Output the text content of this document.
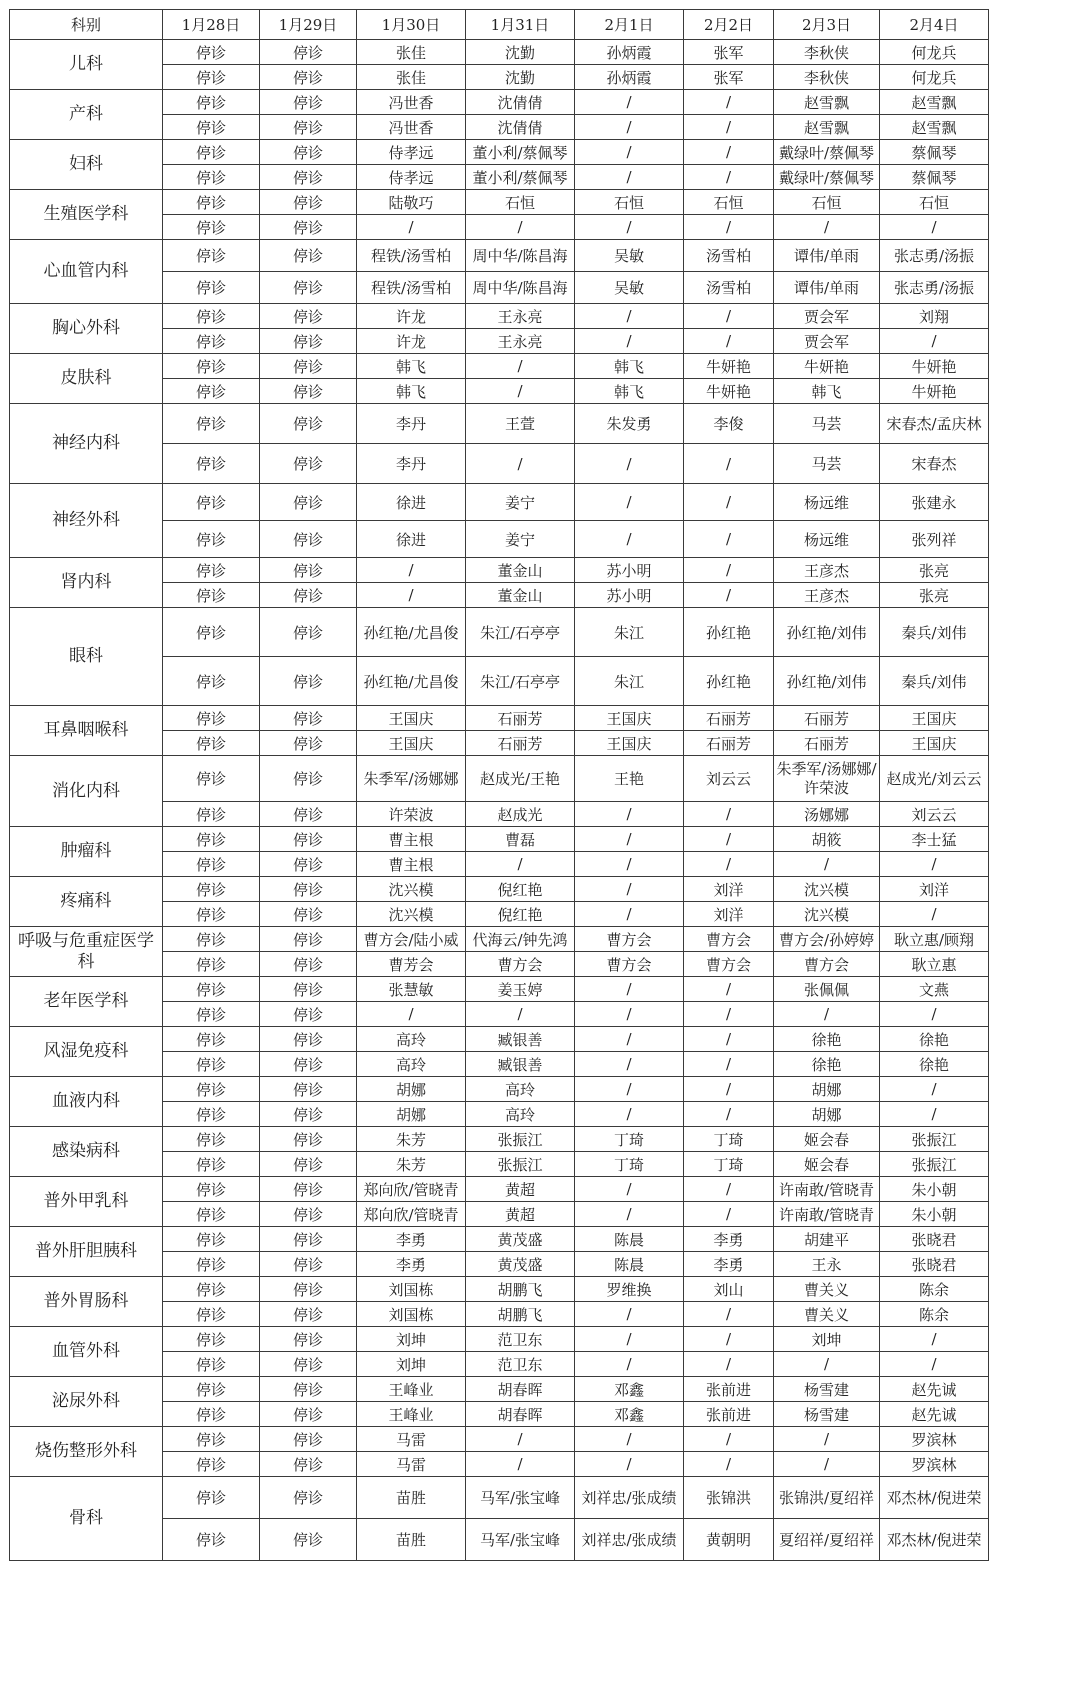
科别	1月28日	1月29日	1月30日	1月31日	2月1日	2月2日	2月3日	2月4日
儿科	停诊	停诊	张佳	沈勤	孙炳霞	张军	李秋侠	何龙兵
	停诊	停诊	张佳	沈勤	孙炳霞	张军	李秋侠	何龙兵
产科	停诊	停诊	冯世香	沈倩倩	/	/	赵雪飘	赵雪飘
	停诊	停诊	冯世香	沈倩倩	/	/	赵雪飘	赵雪飘
妇科	停诊	停诊	侍孝远	董小利/蔡佩琴	/	/	戴绿叶/蔡佩琴	蔡佩琴
	停诊	停诊	侍孝远	董小利/蔡佩琴	/	/	戴绿叶/蔡佩琴	蔡佩琴
生殖医学科	停诊	停诊	陆敬巧	石恒	石恒	石恒	石恒	石恒
	停诊	停诊	/	/	/	/	/	/
心血管内科	停诊	停诊	程铁/汤雪柏	周中华/陈昌海	吴敏	汤雪柏	谭伟/单雨	张志勇/汤振
	停诊	停诊	程铁/汤雪柏	周中华/陈昌海	吴敏	汤雪柏	谭伟/单雨	张志勇/汤振
胸心外科	停诊	停诊	许龙	王永亮	/	/	贾会军	刘翔
	停诊	停诊	许龙	王永亮	/	/	贾会军	/
皮肤科	停诊	停诊	韩飞	/	韩飞	牛妍艳	牛妍艳	牛妍艳
	停诊	停诊	韩飞	/	韩飞	牛妍艳	韩飞	牛妍艳
神经内科	停诊	停诊	李丹	王萱	朱发勇	李俊	马芸	宋春杰/孟庆林
	停诊	停诊	李丹	/	/	/	马芸	宋春杰
神经外科	停诊	停诊	徐进	姜宁	/	/	杨远维	张建永
	停诊	停诊	徐进	姜宁	/	/	杨远维	张列祥
肾内科	停诊	停诊	/	董金山	苏小明	/	王彦杰	张亮
	停诊	停诊	/	董金山	苏小明	/	王彦杰	张亮
眼科	停诊	停诊	孙红艳/尤昌俊	朱江/石亭亭	朱江	孙红艳	孙红艳/刘伟	秦兵/刘伟
	停诊	停诊	孙红艳/尤昌俊	朱江/石亭亭	朱江	孙红艳	孙红艳/刘伟	秦兵/刘伟
耳鼻咽喉科	停诊	停诊	王国庆	石丽芳	王国庆	石丽芳	石丽芳	王国庆
	停诊	停诊	王国庆	石丽芳	王国庆	石丽芳	石丽芳	王国庆
消化内科	停诊	停诊	朱季军/汤娜娜	赵成光/王艳	王艳	刘云云	朱季军/汤娜娜/许荣波	赵成光/刘云云
	停诊	停诊	许荣波	赵成光	/	/	汤娜娜	刘云云
肿瘤科	停诊	停诊	曹主根	曹磊	/	/	胡筱	李士猛
	停诊	停诊	曹主根	/	/	/	/	/
疼痛科	停诊	停诊	沈兴模	倪红艳	/	刘洋	沈兴模	刘洋
	停诊	停诊	沈兴模	倪红艳	/	刘洋	沈兴模	/
呼吸与危重症医学科	停诊	停诊	曹方会/陆小威	代海云/钟先鸿	曹方会	曹方会	曹方会/孙婷婷	耿立惠/顾翔
	停诊	停诊	曹芳会	曹方会	曹方会	曹方会	曹方会	耿立惠
老年医学科	停诊	停诊	张慧敏	姜玉婷	/	/	张佩佩	文燕
	停诊	停诊	/	/	/	/	/	/
风湿免疫科	停诊	停诊	高玲	臧银善	/	/	徐艳	徐艳
	停诊	停诊	高玲	臧银善	/	/	徐艳	徐艳
血液内科	停诊	停诊	胡娜	高玲	/	/	胡娜	/
	停诊	停诊	胡娜	高玲	/	/	胡娜	/
感染病科	停诊	停诊	朱芳	张振江	丁琦	丁琦	姬会春	张振江
	停诊	停诊	朱芳	张振江	丁琦	丁琦	姬会春	张振江
普外甲乳科	停诊	停诊	郑向欣/管晓青	黄超	/	/	许南敢/管晓青	朱小朝
	停诊	停诊	郑向欣/管晓青	黄超	/	/	许南敢/管晓青	朱小朝
普外肝胆胰科	停诊	停诊	李勇	黄茂盛	陈晨	李勇	胡建平	张晓君
	停诊	停诊	李勇	黄茂盛	陈晨	李勇	王永	张晓君
普外胃肠科	停诊	停诊	刘国栋	胡鹏飞	罗维换	刘山	曹关义	陈余
	停诊	停诊	刘国栋	胡鹏飞	/	/	曹关义	陈余
血管外科	停诊	停诊	刘坤	范卫东	/	/	刘坤	/
	停诊	停诊	刘坤	范卫东	/	/	/	/
泌尿外科	停诊	停诊	王峰业	胡春晖	邓鑫	张前进	杨雪建	赵先诚
	停诊	停诊	王峰业	胡春晖	邓鑫	张前进	杨雪建	赵先诚
烧伤整形外科	停诊	停诊	马雷	/	/	/	/	罗滨林
	停诊	停诊	马雷	/	/	/	/	罗滨林
骨科	停诊	停诊	苗胜	马军/张宝峰	刘祥忠/张成绩	张锦洪	张锦洪/夏绍祥	邓杰林/倪进荣
	停诊	停诊	苗胜	马军/张宝峰	刘祥忠/张成绩	黄朝明	夏绍祥/夏绍祥	邓杰林/倪进荣
